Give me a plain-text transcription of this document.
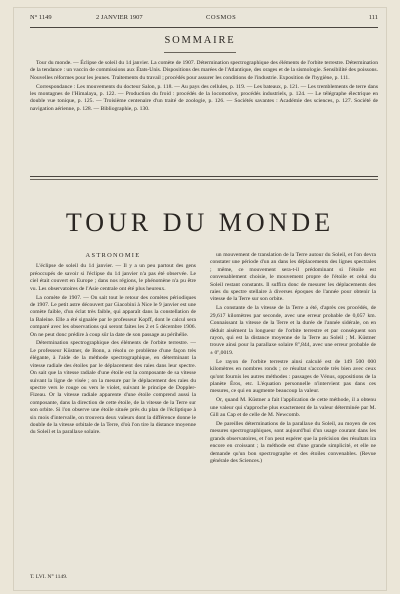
N° 1149	2 JANVIER 1907	COSMOS	111
SOMMAIRE

Tour du monde. — Éclipse de soleil du 14 janvier. La comète de 1907. Détermination spectrographique des éléments de l'orbite terrestre. Détermination de la tendance : un vaccin de commissions aux États-Unis. Dispositions des marées de l'Atlantique, des orages et de la sismologie. Sensibilité des poissons. Nouvelles réformes pour les jeunes. Traitements du travail ; procédés pour assurer les conditions de l'industrie. Exposition de l'hygiène, p. 111.

Correspondance : Les mouvements du docteur Salon, p. 118. — Au pays des cellules, p. 119. — Les bateaux, p. 121. — Les tremblements de terre dans les montagnes de l'Himalaya, p. 122. — Production du froid : procédés de la locomotive, procédés industriels, p. 124. — Le télégraphe électrique en double vue tonique, p. 125. — Troisième centenaire d'un traité de zoologie, p. 126. — Sociétés savantes : Académie des sciences, p. 127. Société de navigation aérienne, p. 128. — Bibliographie, p. 130.

TOUR DU MONDE

ASTRONOMIE

L'éclipse de soleil du 14 janvier. — Il y a un peu partout des gens préoccupés de savoir si l'éclipse du 14 janvier n'a pas été observée. Le ciel était couvert en Europe ; dans nos régions, le phénomène n'a pu être vu. Les observatoires de l'Asie centrale ont été plus heureux.

La comète de 1907. — On sait tout le retour des comètes périodiques de 1907. Le petit astre découvert par Giacobini à Nice le 9 janvier est une comète faible, d'un éclat très faible, qui apparaît dans la constellation de la Baleine. Elle a été signalée par le professeur Kopff, dont le calcul sera comparé avec les observations qui seront faites les 2 et 5 décembre 1906. On ne peut donc prédire à coup sûr la date de son passage au périhélie.

Détermination spectrographique des éléments de l'orbite terrestre. — Le professeur Küstner, de Bonn, a résolu ce problème d'une façon très élégante, à l'aide de la méthode spectrographique, en déterminant la vitesse radiale des étoiles par le déplacement des raies dans leur spectre. On sait que la vitesse radiale d'une étoile est la composante de sa vitesse suivant la ligne de visée ; on la mesure par le déplacement des raies du spectre vers le rouge ou vers le violet, suivant le principe de Doppler-Fizeau. Or la vitesse radiale apparente d'une étoile comprend aussi la composante, dans la direction de cette étoile, de la vitesse de la Terre sur son orbite. Si l'on observe une étoile située près du plan de l'écliptique à six mois d'intervalle, on trouvera deux valeurs dont la différence donne le double de la vitesse orbitale de la Terre, d'où l'on tire la distance moyenne du Soleil et la parallaxe solaire.

un mouvement de translation de la Terre autour du Soleil, et l'on devra constater une période d'un an dans les déplacements des lignes spectrales ; même, ce mouvement sera-t-il prédominant si l'étoile est convenablement choisie, le mouvement propre de l'étoile et celui du Soleil restant constants. Il suffira donc de mesurer les déplacements des raies du spectre stellaire à diverses époques de l'année pour obtenir la vitesse de la Terre sur son orbite.

La constante de la vitesse de la Terre a été, d'après ces procédés, de 29,617 kilomètres par seconde, avec une erreur probable de 0,057 km. Connaissant la vitesse de la Terre et la durée de l'année sidérale, on en déduit aisément la longueur de l'orbite terrestre et par conséquent son rayon, qui est la distance moyenne de la Terre au Soleil ; M. Küstner trouve ainsi pour la parallaxe solaire 8'',844, avec une erreur probable de ± 0'',0019.

Le rayon de l'orbite terrestre ainsi calculé est de 149 500 000 kilomètres en nombres ronds ; ce résultat s'accorde très bien avec ceux qu'ont fournis les autres méthodes : passages de Vénus, oppositions de la planète Éros, etc. L'équation personnelle n'intervient pas dans ces mesures, ce qui en augmente beaucoup la valeur.

Or, quand M. Küstner a fait l'application de cette méthode, il a obtenu une valeur qui s'approche plus exactement de la valeur déterminée par M. Gill au Cap et de celle de M. Newcomb.

De pareilles déterminations de la parallaxe du Soleil, au moyen de ces mesures spectrographiques, sont aujourd'hui d'un usage courant dans les grands observatoires, et l'on peut espérer que la précision des résultats ira encore en croissant ; la méthode est d'une grande simplicité, et elle ne demande qu'un bon spectrographe et des étoiles convenables. (Revue générale des Sciences.)

T. LVI. N° 1149.
